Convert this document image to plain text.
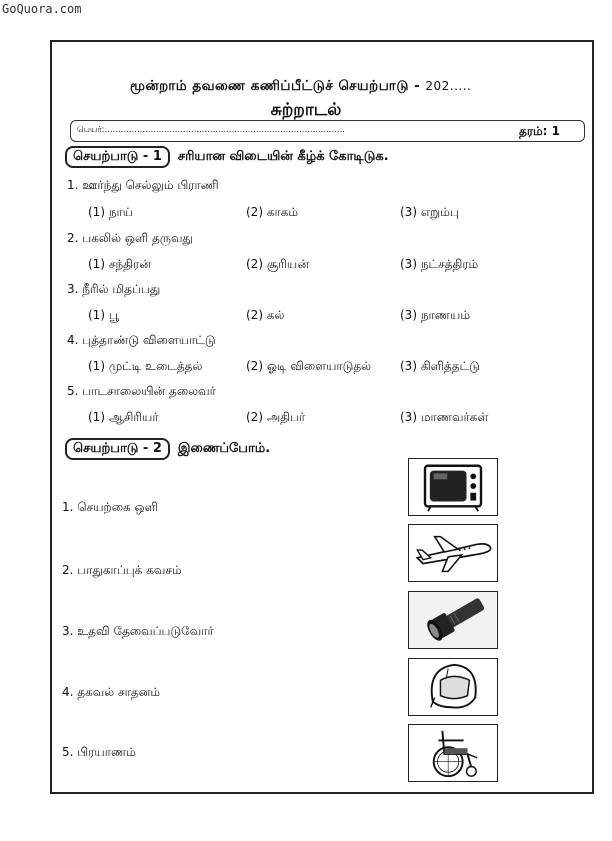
GoQuora.com
மூன்றாம் தவணை கணிப்பீட்டுச் செயற்பாடு - 202.....
சுற்றாடல்
பெயர்:.........................................................................................	தரம்: 1
செயற்பாடு - 1 சரியான விடையின் கீழ்க் கோடிடுக.
1. ஊர்ந்து செல்லும் பிராணி
(1) நாய்	(2) காகம்	(3) எறும்பு
2. பகலில் ஒளி தருவது
(1) சந்திரன்	(2) சூரியன்	(3) நட்சத்திரம்
3. நீரில் மிதப்பது
(1) பூ	(2) கல்	(3) நாணயம்
4. புத்தாண்டு விளையாட்டு
(1) முட்டி உடைத்தல்	(2) ஓடி விளையாடுதல் (3) கிளித்தட்டு
5. பாடசாலையின் தலைவர்
(1) ஆசிரியர்	(2) அதிபர்	(3) மாணவர்கள்
செயற்பாடு - 2 இணைப்போம்.
1. செயற்கை ஒளி
2. பாதுகாப்புக் கவசம்
3. உதவி தேவைப்படுவோர்
4. தகவல் சாதனம்
5. பிரயாணம்
